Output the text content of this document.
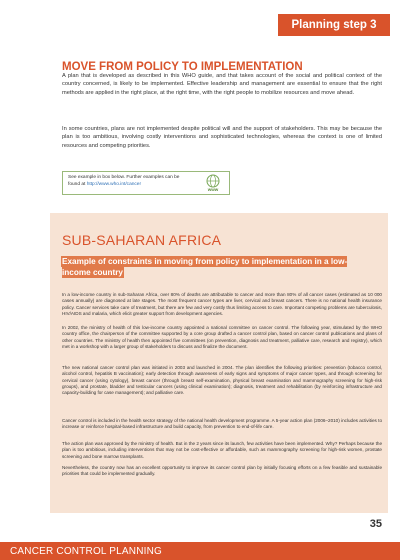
Planning step 3
MOVE FROM POLICY TO IMPLEMENTATION

A plan that is developed as described in this WHO guide, and that takes account of the social and political context of the country concerned, is likely to be implemented. Effective leadership and management are essential to ensure that the right methods are applied in the right place, at the right time, with the right people to mobilize resources and move ahead.

In some countries, plans are not implemented despite political will and the support of stakeholders. This may be because the plan is too ambitious, involving costly interventions and sophisticated technologies, whereas the context is one of limited resources and competing priorities.

See example in box below. Further examples can be
found at http://www.who.int/cancer
www
SUB-SAHARAN AFRICA
Example of constraints in moving from policy to implementation in a low-income country

In a low-income country in sub-Saharan Africa, over 80% of deaths are attributable to cancer and more than 80% of all cancer cases (estimated as 10 000 cases annually) are diagnosed at late stages. The most frequent cancer types are liver, cervical and breast cancers. There is no national health insurance policy. Cancer services take care of treatment, but there are few and very costly thus limiting access to care. Important competing problems are tuberculosis, HIV/AIDS and malaria, which elicit greater support from development agencies.

In 2002, the ministry of health of this low-income country appointed a national committee on cancer control. The following year, stimulated by the WHO country office, the chairperson of the committee supported by a core group drafted a cancer control plan, based on cancer control publications and plans of other countries. The ministry of health then appointed five committees (on prevention, diagnosis and treatment, palliative care, research and registry), which met in a workshop with a larger group of stakeholders to discuss and finalize the document.

The new national cancer control plan was initiated in 2003 and launched in 2004. The plan identifies the following priorities: prevention (tobacco control, alcohol control, hepatitis B vaccination); early detection through awareness of early signs and symptoms of major cancer types, and through screening for cervical cancer (using cytology), breast cancer (through breast self-examination, physical breast examination and mammography screening for high-risk groups), and prostate, bladder and testicular cancers (using clinical examination); diagnosis, treatment and rehabilitation (by reinforcing infrastructure and capacity-building for case management); and palliative care.

Cancer control is included in the health sector strategy of the national health development programme. A 5-year action plan (2006–2010) includes activities to increase or reinforce hospital-based infrastructure and build capacity, from prevention to end-of-life care.

The action plan was approved by the ministry of health. But in the 2 years since its launch, few activities have been implemented. Why? Perhaps because the plan is too ambitious, including interventions that may not be cost-effective or affordable, such as mammography screening for high-risk women, prostate screening and bone marrow transplants.

Nevertheless, the country now has an excellent opportunity to improve its cancer control plan by initially focusing efforts on a few feasible and sustainable priorities that could be implemented gradually.

35
CANCER CONTROL PLANNING
